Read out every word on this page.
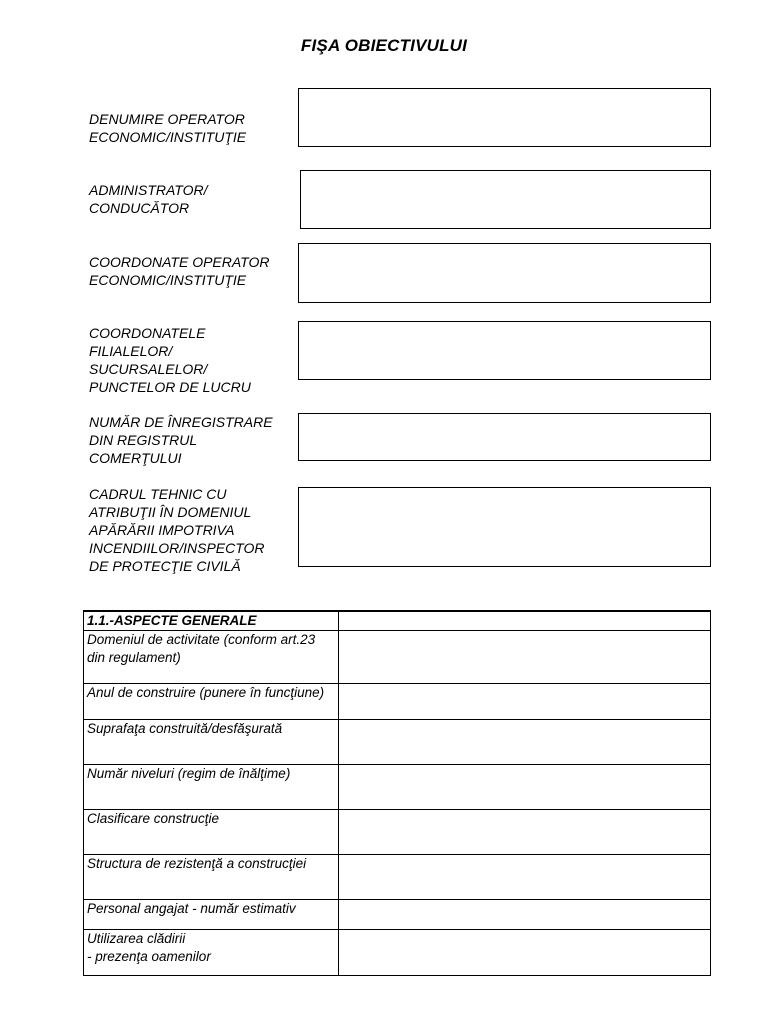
FIŞA OBIECTIVULUI
DENUMIRE OPERATOR
ECONOMIC/INSTITUŢIE
ADMINISTRATOR/
CONDUCĂTOR
COORDONATE OPERATOR
ECONOMIC/INSTITUŢIE
COORDONATELE
FILIALELOR/
SUCURSALELOR/
PUNCTELOR DE LUCRU
NUMĂR DE ÎNREGISTRARE
DIN REGISTRUL
COMERŢULUI
CADRUL TEHNIC CU
ATRIBUŢII ÎN DOMENIUL
APĂRĂRII IMPOTRIVA
INCENDIILOR/INSPECTOR
DE PROTECŢIE CIVILĂ
1.1.-ASPECTE GENERALE	
Domeniul de activitate (conform art.23 din regulament)	
Anul de construire (punere în funcţiune)	
Suprafaţa construită/desfăşurată	
Număr niveluri (regim de înălţime)	
Clasificare construcţie	
Structura de rezistenţă a construcţiei	
Personal angajat - număr estimativ	
Utilizarea clădirii
- prezenţa oamenilor	
